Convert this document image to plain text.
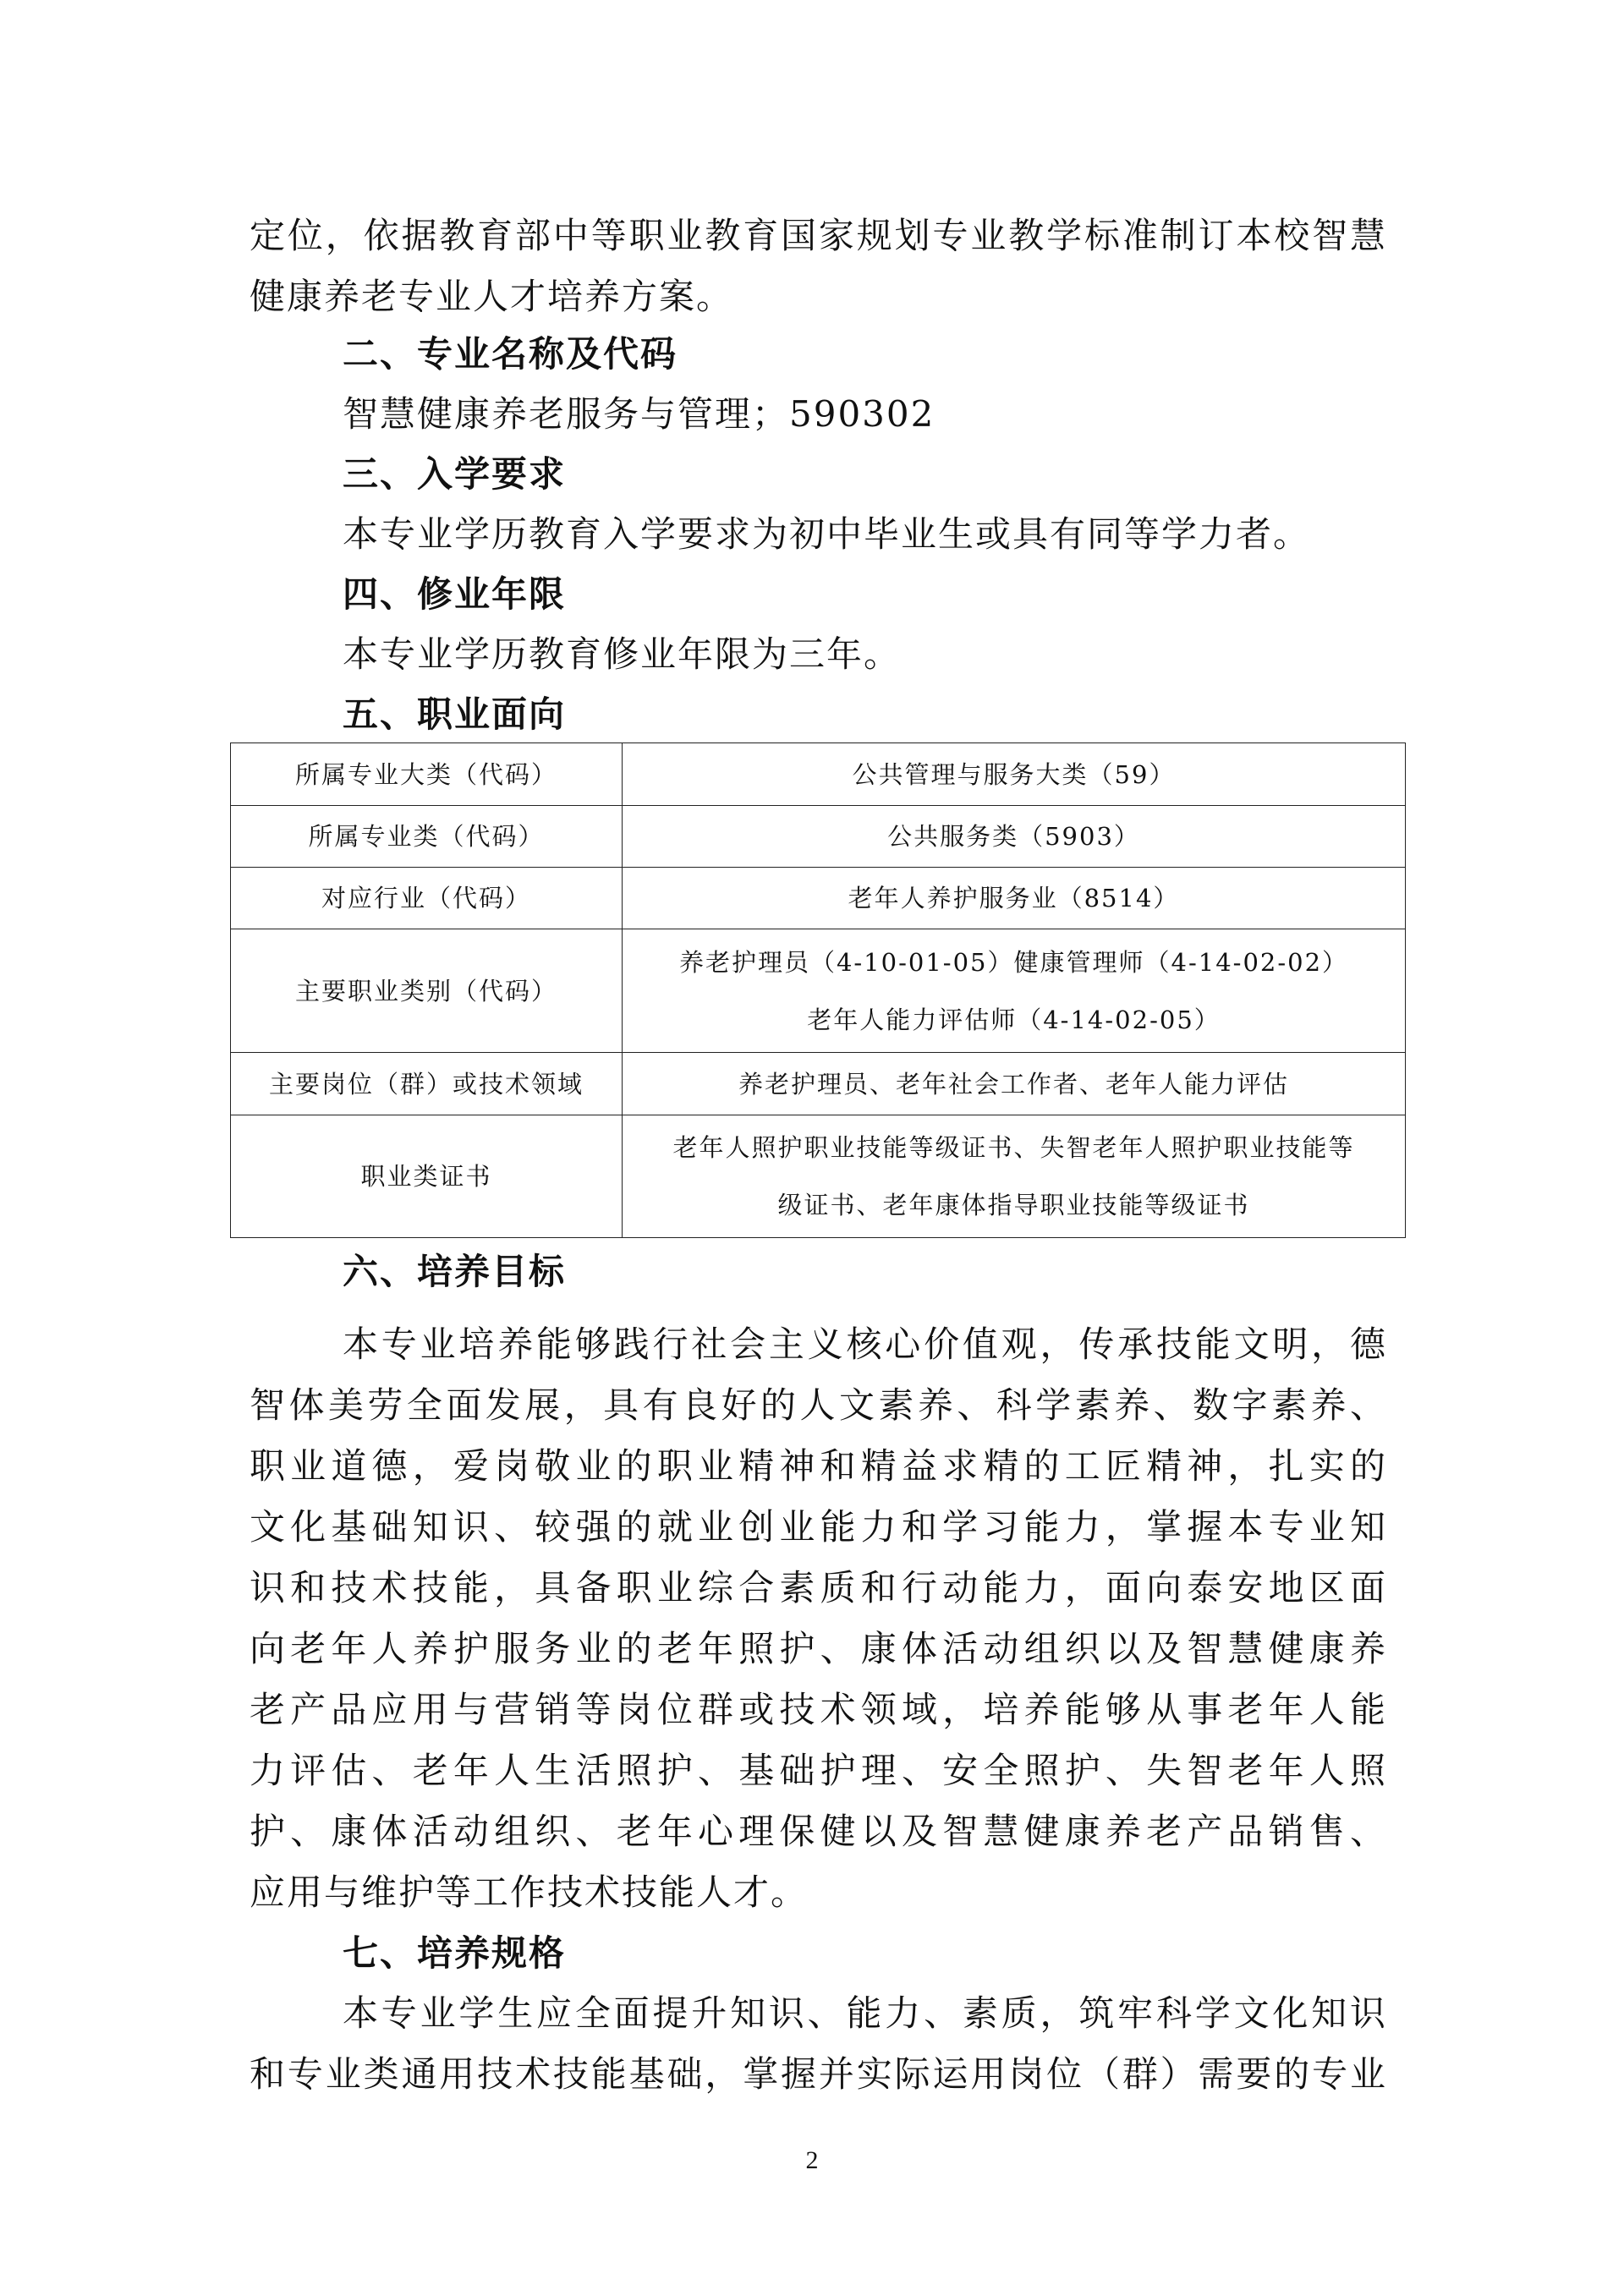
定位，依据教育部中等职业教育国家规划专业教学标准制订本校智慧
健康养老专业人才培养方案。
二、专业名称及代码
智慧健康养老服务与管理；590302
三、入学要求
本专业学历教育入学要求为初中毕业生或具有同等学力者。
四、修业年限
本专业学历教育修业年限为三年。
五、职业面向
所属专业大类（代码）	公共管理与服务大类（59）
所属专业类（代码）	公共服务类（5903）
对应行业（代码）	老年人养护服务业（8514）
主要职业类别（代码）	养老护理员（4-10-01-05）健康管理师（4-14-02-02）
老年人能力评估师（4-14-02-05）

主要岗位（群）或技术领域	养老护理员、老年社会工作者、老年人能力评估
职业类证书	老年人照护职业技能等级证书、失智老年人照护职业技能等
级证书、老年康体指导职业技能等级证书
六、培养目标
本专业培养能够践行社会主义核心价值观，传承技能文明，德
智体美劳全面发展，具有良好的人文素养、科学素养、数字素养、
职业道德，爱岗敬业的职业精神和精益求精的工匠精神，扎实的
文化基础知识、较强的就业创业能力和学习能力，掌握本专业知
识和技术技能，具备职业综合素质和行动能力，面向泰安地区面
向老年人养护服务业的老年照护、康体活动组织以及智慧健康养
老产品应用与营销等岗位群或技术领域，培养能够从事老年人能
力评估、老年人生活照护、基础护理、安全照护、失智老年人照
护、康体活动组织、老年心理保健以及智慧健康养老产品销售、
应用与维护等工作技术技能人才。
七、培养规格
本专业学生应全面提升知识、能力、素质，筑牢科学文化知识
和专业类通用技术技能基础，掌握并实际运用岗位（群）需要的专业
2
